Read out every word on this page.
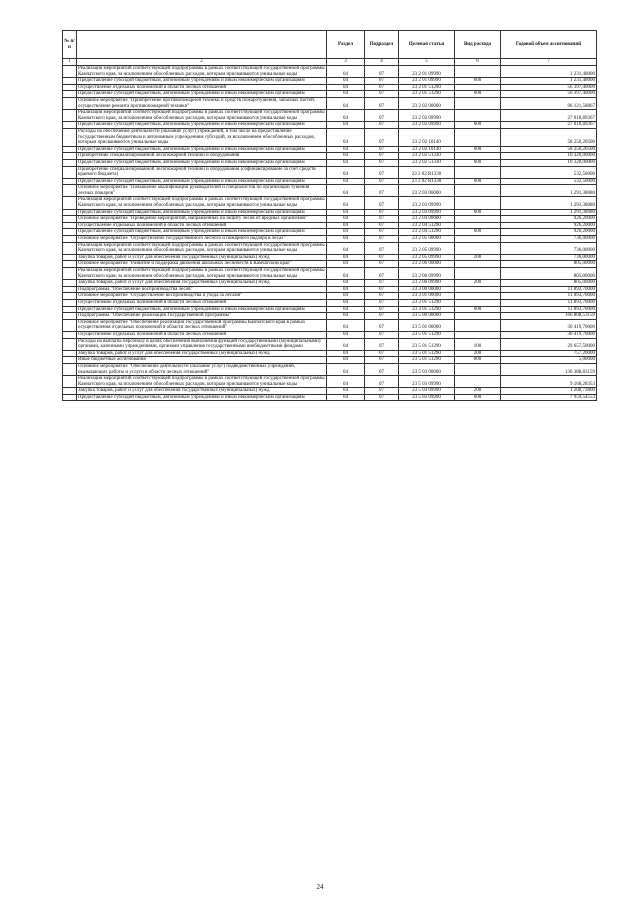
№ п/п		Раздел	Подраздел	Целевая статья	Вид расхода	Годовой объем ассигнований
1	2	3	4	5	6	7
	Реализация мероприятий соответствующей подпрограммы в рамках соответствующей государственной программы Камчатского края, за исключением обособленных расходов, которым присваиваются уникальные коды	04	07	23 2 01 09990		1 231,48000
	Предоставление субсидий бюджетным, автономным учреждениям и иным некоммерческим организациям	04	07	23 2 01 09990	600	1 231,48000
	Осуществление отдельных полномочий в области лесных отношений	04	07	23 2 01 51290		56 397,40000
	Предоставление субсидий бюджетным, автономным учреждениям и иным некоммерческим организациям	04	07	23 2 01 51290	600	56 397,40000
	Основное мероприятие "Приобретение противопожарной техники и средств пожаротушения, запасных частей, осуществление ремонта противопожарной техники"	04	07	23 2 02 00000		96 121,58867
	Реализация мероприятий соответствующей подпрограммы в рамках соответствующей государственной программы Камчатского края, за исключением обособленных расходов, которым присваиваются уникальные коды	04	07	23 2 02 09990		27 018,89367
	Предоставление субсидий бюджетным, автономным учреждениям и иным некоммерческим организациям	04	07	23 2 02 09990	600	27 018,89367
	Расходы на обеспечение деятельности (оказание услуг) учреждений, в том числе на предоставление государственным бюджетным и автономным учреждениям субсидий, за исключением обособленных расходов, которым присваиваются уникальные коды	04	07	23 2 02 10140		58 250,20500
	Предоставление субсидий бюджетным, автономным учреждениям и иным некоммерческим организациям	04	07	23 2 02 10140	600	58 250,20500
	Приобретение специализированной лесопожарной техники и оборудования	04	07	23 2 02 51330		10 320,00000
	Предоставление субсидий бюджетным, автономным учреждениям и иным некоммерческим организациям	04	07	23 2 02 51330	600	10 320,00000
	Приобретение специализированной лесопожарной техники и оборудования (софинансирование за счет средств краевого бюджета)	04	07	23 2 02 R1330		532,50000
	Предоставление субсидий бюджетным, автономным учреждениям и иным некоммерческим организациям	04	07	23 2 02 R1330	600	532,50000
	Основное мероприятие "Повышение квалификации руководителей и специалистов по организации тушения лесных пожаров"	04	07	23 2 03 00000		1 291,38080
	Реализация мероприятий соответствующей подпрограммы в рамках соответствующей государственной программы Камчатского края, за исключением обособленных расходов, которым присваиваются уникальные коды	04	07	23 2 03 09990		1 291,38080
	Предоставление субсидий бюджетным, автономным учреждениям и иным некоммерческим организациям	04	07	23 2 03 09990	600	1 291,38080
	Основное мероприятие "Проведение мероприятий, направленных на защиту лесов от вредных организмов"	04	07	23 2 04 00000		926,20000
	Осуществление отдельных полномочий в области лесных отношений	04	07	23 2 04 51290		926,20000
	Предоставление субсидий бюджетным, автономным учреждениям и иным некоммерческим организациям	04	07	23 2 04 51290	600	926,20000
	Основное мероприятие "Осуществление государственного лесного и пожарного надзора в лесах"	04	07	23 2 05 00000		736,00000
	Реализация мероприятий соответствующей подпрограммы в рамках соответствующей государственной программы Камчатского края, за исключением обособленных расходов, которым присваиваются уникальные коды	04	07	23 2 05 09990		736,00000
	Закупка товаров, работ и услуг для обеспечения государственных (муниципальных) нужд	04	07	23 2 05 09990	200	736,00000
	Основное мероприятие "Развитие и поддержка движения школьных лесничеств в Камчатском крае"	04	07	23 2 06 00000		805,00000
	Реализация мероприятий соответствующей подпрограммы в рамках соответствующей государственной программы Камчатского края, за исключением обособленных расходов, которым присваиваются уникальные коды	04	07	23 2 06 09990		805,00000
	Закупка товаров, работ и услуг для обеспечения государственных (муниципальных) нужд	04	07	23 2 06 09990	200	805,00000
	Подпрограмма "Обеспечение воспроизводства лесов"	04	07	23 3 00 00000		11 893,70000
	Основное мероприятие "Осуществление воспроизводства и ухода за лесами"	04	07	23 3 01 00000		11 893,70000
	Осуществление отдельных полномочий в области лесных отношений	04	07	23 3 01 51290		11 893,70000
	Предоставление субсидий бюджетным, автономным учреждениям и иным некоммерческим организациям	04	07	23 3 01 51290	600	11 893,70000
	Подпрограмма "Обеспечение реализации Государственной программы"	04	07	23 5 00 00000		166 808,53159
	Основное мероприятие "Обеспечение реализации государственной программы Камчатского края в рамках осуществления отдельных полномочий в области лесных отношений"	04	07	23 5 01 00000		30 419,70000
	Осуществление отдельных полномочий в области лесных отношений	04	07	23 5 01 51290		30 419,70000
	Расходы на выплаты персоналу в целях обеспечения выполнения функций государственными (муниципальными) органами, казенными учреждениями, органами управления государственными внебюджетными фондами	04	07	23 5 01 51290	100	29 657,50000
	Закупка товаров, работ и услуг для обеспечения государственных (муниципальных) нужд	04	07	23 5 01 51290	200	757,20000
	Иные бюджетные ассигнования	04	07	23 5 01 51290	800	5,00000
	Основное мероприятие "Обеспечение деятельности (оказание услуг) подведомственных учреждений, оказывающих работы и услуги в области лесных отношений"	04	07	23 5 03 00000		136 388,83159
	Реализация мероприятий соответствующей подпрограммы в рамках соответствующей государственной программы Камчатского края, за исключением обособленных расходов, которым присваиваются уникальные коды	04	07	23 5 03 09990		9 168,28353
	Закупка товаров, работ и услуг для обеспечения государственных (муниципальных) нужд	04	07	23 5 03 09990	200	1 208,73800
	Предоставление субсидий бюджетным, автономным учреждениям и иным некоммерческим организациям	04	07	23 5 03 09990	600	7 959,54553
24
